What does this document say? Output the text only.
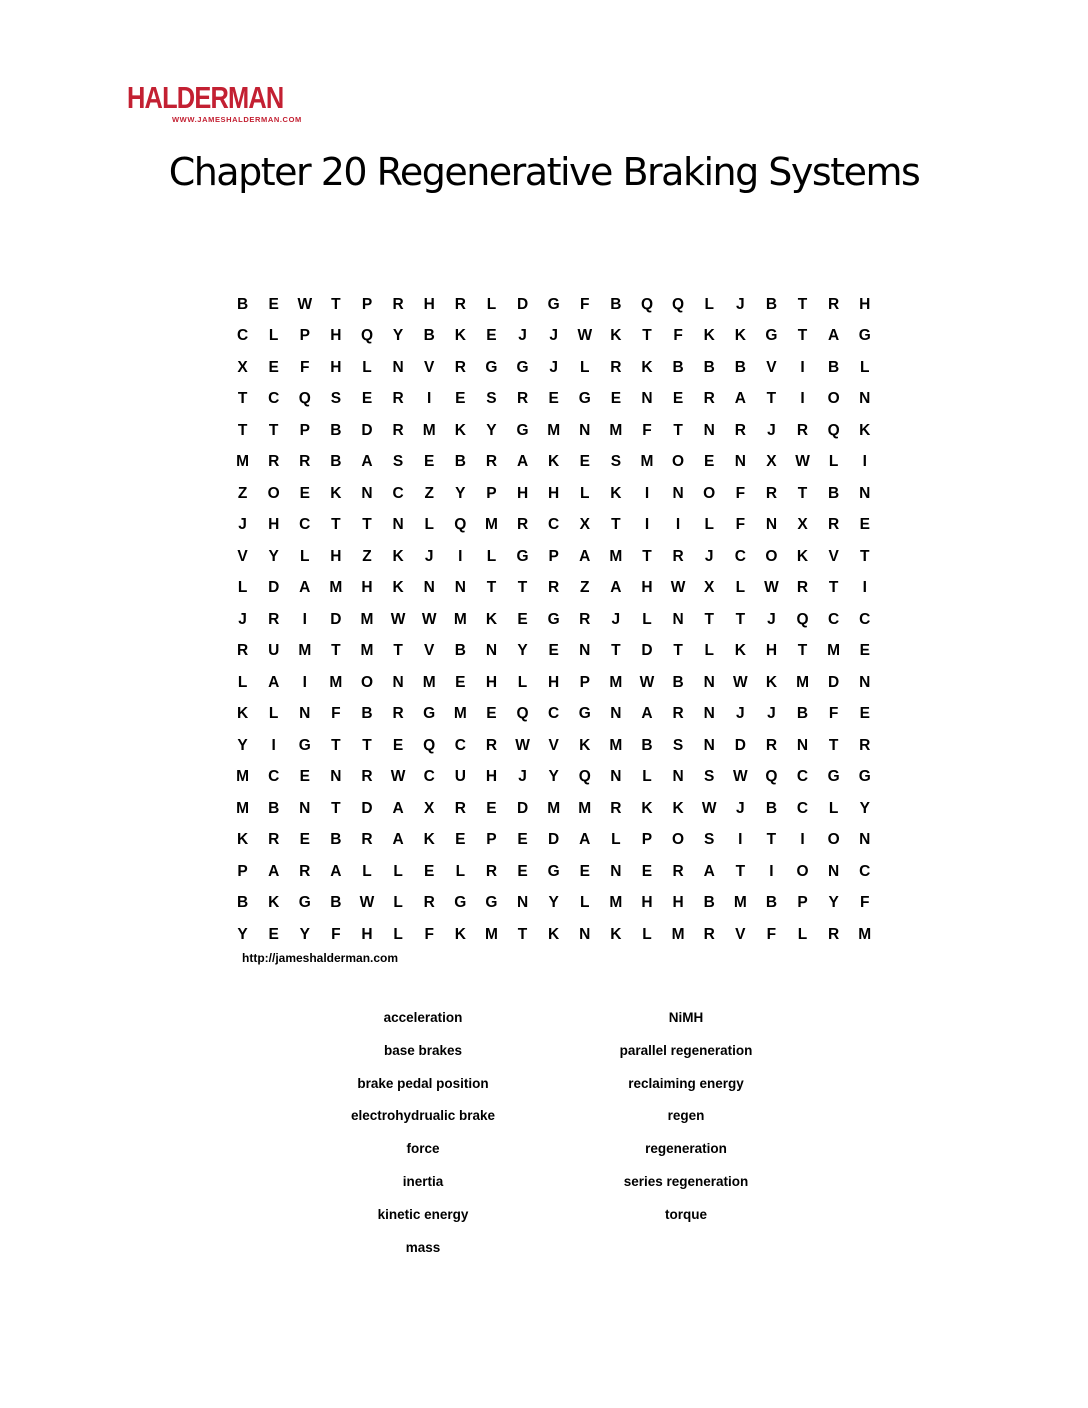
HALDERMAN
WWW.JAMESHALDERMAN.COM
Chapter 20 Regenerative Braking Systems
B	E	W	T	P	R	H	R	L	D	G	F	B	Q	Q	L	J	B	T	R	H
C	L	P	H	Q	Y	B	K	E	J	J	W	K	T	F	K	K	G	T	A	G
X	E	F	H	L	N	V	R	G	G	J	L	R	K	B	B	B	V	I	B	L
T	C	Q	S	E	R	I	E	S	R	E	G	E	N	E	R	A	T	I	O	N
T	T	P	B	D	R	M	K	Y	G	M	N	M	F	T	N	R	J	R	Q	K
M	R	R	B	A	S	E	B	R	A	K	E	S	M	O	E	N	X	W	L	I
Z	O	E	K	N	C	Z	Y	P	H	H	L	K	I	N	O	F	R	T	B	N
J	H	C	T	T	N	L	Q	M	R	C	X	T	I	I	L	F	N	X	R	E
V	Y	L	H	Z	K	J	I	L	G	P	A	M	T	R	J	C	O	K	V	T
L	D	A	M	H	K	N	N	T	T	R	Z	A	H	W	X	L	W	R	T	I
J	R	I	D	M	W	W	M	K	E	G	R	J	L	N	T	T	J	Q	C	C
R	U	M	T	M	T	V	B	N	Y	E	N	T	D	T	L	K	H	T	M	E
L	A	I	M	O	N	M	E	H	L	H	P	M	W	B	N	W	K	M	D	N
K	L	N	F	B	R	G	M	E	Q	C	G	N	A	R	N	J	J	B	F	E
Y	I	G	T	T	E	Q	C	R	W	V	K	M	B	S	N	D	R	N	T	R
M	C	E	N	R	W	C	U	H	J	Y	Q	N	L	N	S	W	Q	C	G	G
M	B	N	T	D	A	X	R	E	D	M	M	R	K	K	W	J	B	C	L	Y
K	R	E	B	R	A	K	E	P	E	D	A	L	P	O	S	I	T	I	O	N
P	A	R	A	L	L	E	L	R	E	G	E	N	E	R	A	T	I	O	N	C
B	K	G	B	W	L	R	G	G	N	Y	L	M	H	H	B	M	B	P	Y	F
Y	E	Y	F	H	L	F	K	M	T	K	N	K	L	M	R	V	F	L	R	M
http://jameshalderman.com
acceleration
base brakes
brake pedal position
electrohydrualic brake
force
inertia
kinetic energy
mass
NiMH
parallel regeneration
reclaiming energy
regen
regeneration
series regeneration
torque
